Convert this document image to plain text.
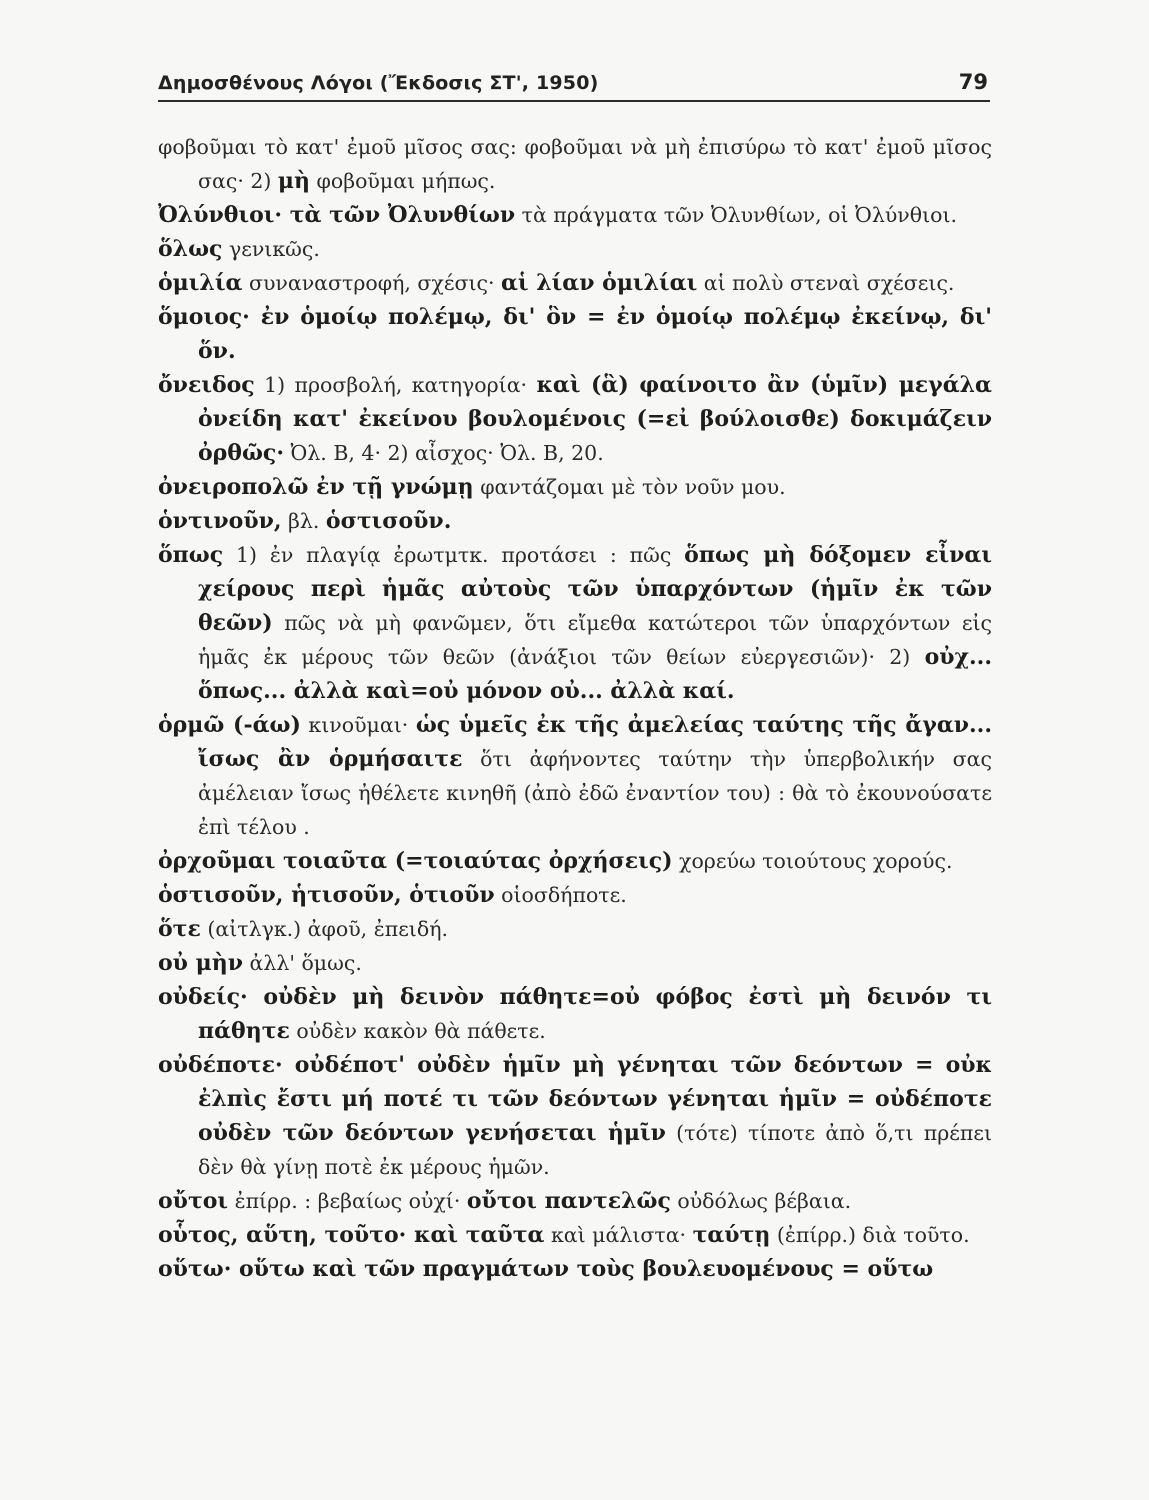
Δημοσθένους Λόγοι (Ἔκδοσις ΣΤ', 1950)	79

φοβοῦμαι τὸ κατ' ἐμοῦ μῖσος σας: φοβοῦμαι νὰ μὴ ἐπισύρω τὸ κατ' ἐμοῦ μῖσος σας· 2) μὴ φοβοῦμαι μήπως.

Ὀλύνθιοι· τὰ τῶν Ὀλυνθίων τὰ πράγματα τῶν Ὀλυνθίων, οἱ Ὀλύνθιοι.

ὅλως γενικῶς.

ὁμιλία συναναστροφή, σχέσις· αἱ λίαν ὁμιλίαι αἱ πολὺ στεναὶ σχέσεις.

ὅμοιος· ἐν ὁμοίῳ πολέμῳ, δι' ὃν = ἐν ὁμοίῳ πολέμῳ ἐκείνῳ, δι' ὅν.

ὄνειδος 1) προσβολή, κατηγορία· καὶ (ἃ) φαίνοιτο ἂν (ὑμῖν) μεγάλα ὀνείδη κατ' ἐκείνου βουλομένοις (=εἰ βούλοισθε) δοκιμάζειν ὀρθῶς· Ὀλ. Β, 4· 2) αἶσχος· Ὀλ. Β, 20.

ὀνειροπολῶ ἐν τῇ γνώμῃ φαντάζομαι μὲ τὸν νοῦν μου.

ὁντινοῦν, βλ. ὁστισοῦν.

ὅπως 1) ἐν πλαγίᾳ ἐρωτμτκ. προτάσει : πῶς ὅπως μὴ δόξομεν εἶναι χείρους περὶ ἡμᾶς αὐτοὺς τῶν ὑπαρχόντων (ἡμῖν ἐκ τῶν θεῶν) πῶς νὰ μὴ φανῶμεν, ὅτι εἴμεθα κατώτεροι τῶν ὑπαρχόντων εἰς ἡμᾶς ἐκ μέρους τῶν θεῶν (ἀνάξιοι τῶν θείων εὐεργεσιῶν)· 2) οὐχ... ὅπως... ἀλλὰ καὶ=οὐ μόνον οὐ... ἀλλὰ καί.

ὁρμῶ (-άω) κινοῦμαι· ὡς ὑμεῖς ἐκ τῆς ἀμελείας ταύτης τῆς ἄγαν... ἴσως ἂν ὁρμήσαιτε ὅτι ἀφήνοντες ταύτην τὴν ὑπερβολικήν σας ἀμέλειαν ἴσως ἠθέλετε κινηθῆ (ἀπὸ ἐδῶ ἐναντίον του) : θὰ τὸ ἐκουνούσατε ἐπὶ τέλου .

ὀρχοῦμαι τοιαῦτα (=τοιαύτας ὀρχήσεις) χορεύω τοιούτους χορούς.

ὁστισοῦν, ἡτισοῦν, ὁτιοῦν οἱοσδήποτε.

ὅτε (αἰτλγκ.) ἀφοῦ, ἐπειδή.

οὐ μὴν ἀλλ' ὅμως.

οὐδείς· οὐδὲν μὴ δεινὸν πάθητε=οὐ φόβος ἐστὶ μὴ δεινόν τι πάθητε οὐδὲν κακὸν θὰ πάθετε.

οὐδέποτε· οὐδέποτ' οὐδὲν ἡμῖν μὴ γένηται τῶν δεόντων = οὐκ ἐλπὶς ἔστι μή ποτέ τι τῶν δεόντων γένηται ἡμῖν = οὐδέποτε οὐδὲν τῶν δεόντων γενήσεται ἡμῖν (τότε) τίποτε ἀπὸ ὅ,τι πρέπει δὲν θὰ γίνῃ ποτὲ ἐκ μέρους ἡμῶν.

οὔτοι ἐπίρρ. : βεβαίως οὐχί· οὔτοι παντελῶς οὐδόλως βέβαια.

οὗτος, αὕτη, τοῦτο· καὶ ταῦτα καὶ μάλιστα· ταύτῃ (ἐπίρρ.) διὰ τοῦτο.

οὕτω· οὕτω καὶ τῶν πραγμάτων τοὺς βουλευομένους = οὕτω
